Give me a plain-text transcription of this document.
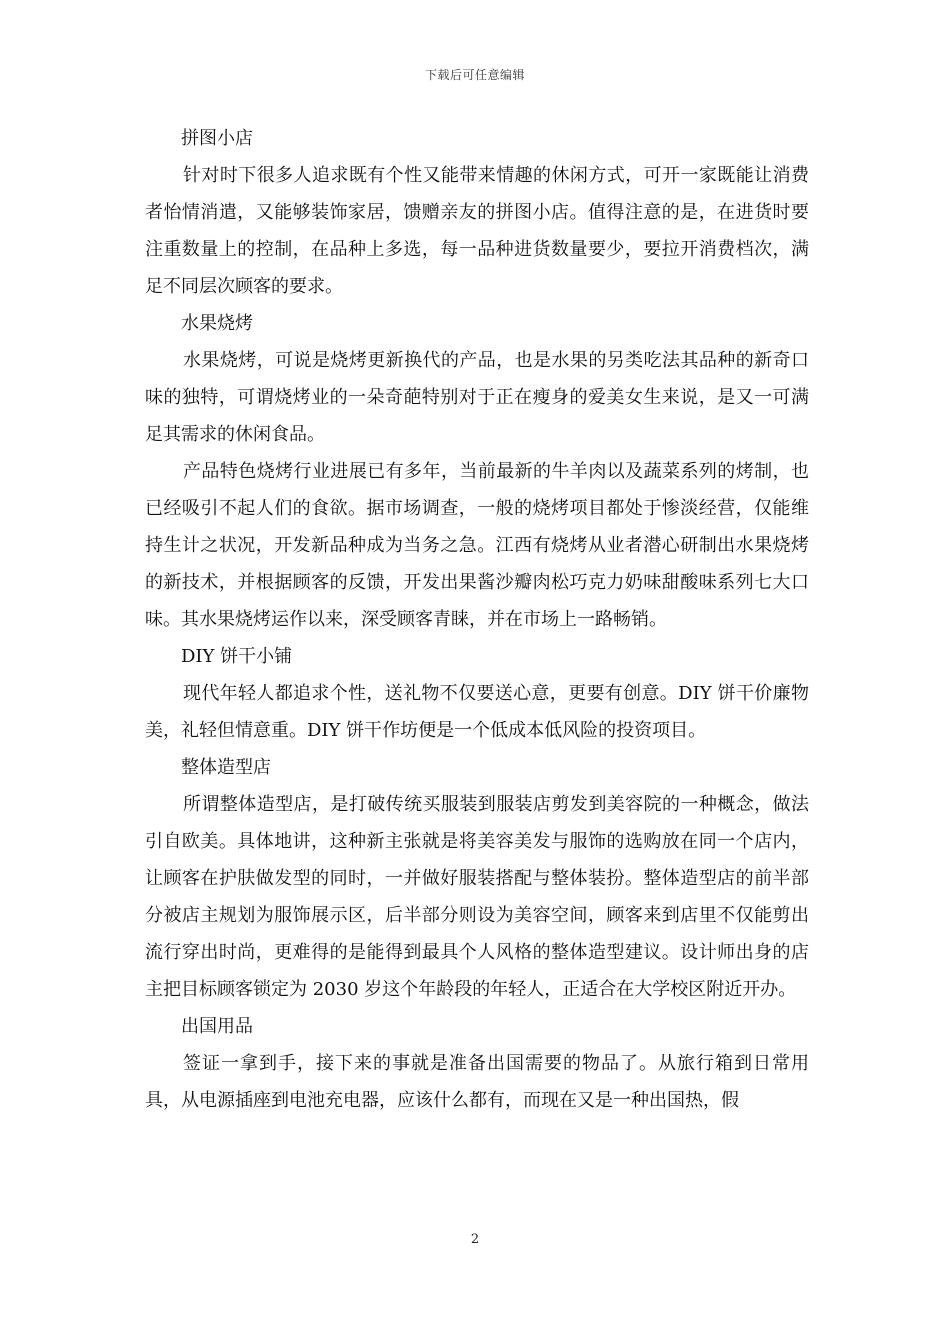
下载后可任意编辑
拼图小店

针对时下很多人追求既有个性又能带来情趣的休闲方式，可开一家既能让消费者怡情消遣，又能够装饰家居，馈赠亲友的拼图小店。值得注意的是，在进货时要注重数量上的控制，在品种上多选，每一品种进货数量要少，要拉开消费档次，满足不同层次顾客的要求。

水果烧烤

水果烧烤，可说是烧烤更新换代的产品，也是水果的另类吃法其品种的新奇口味的独特，可谓烧烤业的一朵奇葩特别对于正在瘦身的爱美女生来说，是又一可满足其需求的休闲食品。

产品特色烧烤行业进展已有多年，当前最新的牛羊肉以及蔬菜系列的烤制，也已经吸引不起人们的食欲。据市场调查，一般的烧烤项目都处于惨淡经营，仅能维持生计之状况，开发新品种成为当务之急。江西有烧烤从业者潜心研制出水果烧烤的新技术，并根据顾客的反馈，开发出果酱沙瓣肉松巧克力奶味甜酸味系列七大口味。其水果烧烤运作以来，深受顾客青睐，并在市场上一路畅销。

DIY 饼干小铺

现代年轻人都追求个性，送礼物不仅要送心意，更要有创意。DIY 饼干价廉物美，礼轻但情意重。DIY 饼干作坊便是一个低成本低风险的投资项目。

整体造型店

所谓整体造型店，是打破传统买服装到服装店剪发到美容院的一种概念，做法引自欧美。具体地讲，这种新主张就是将美容美发与服饰的选购放在同一个店内，让顾客在护肤做发型的同时，一并做好服装搭配与整体装扮。整体造型店的前半部分被店主规划为服饰展示区，后半部分则设为美容空间，顾客来到店里不仅能剪出流行穿出时尚，更难得的是能得到最具个人风格的整体造型建议。设计师出身的店主把目标顾客锁定为 2030 岁这个年龄段的年轻人，正适合在大学校区附近开办。

出国用品

签证一拿到手，接下来的事就是准备出国需要的物品了。从旅行箱到日常用具，从电源插座到电池充电器，应该什么都有，而现在又是一种出国热，假

2
